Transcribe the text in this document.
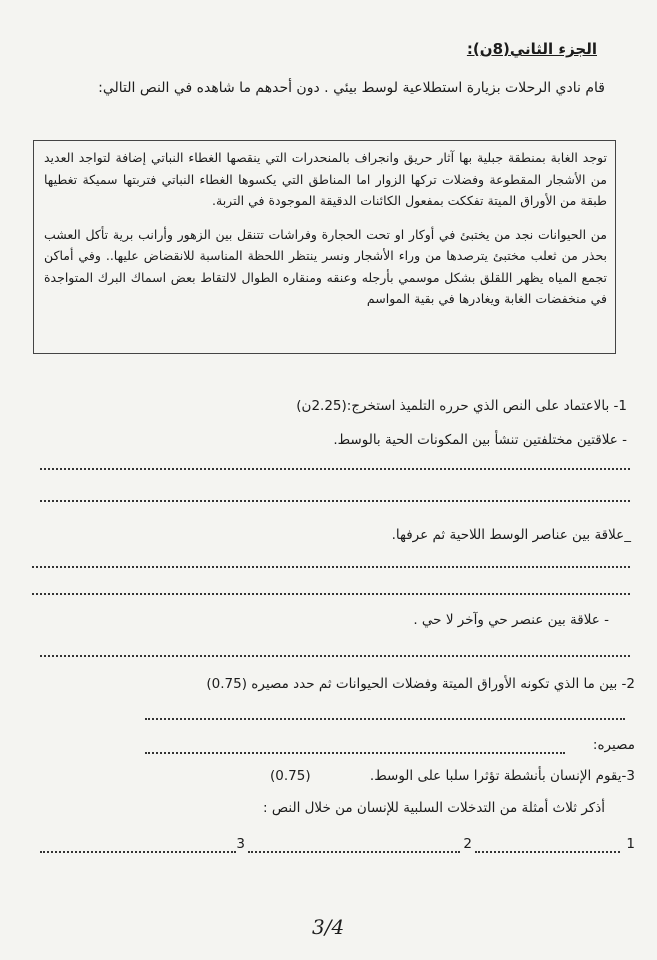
الجزء الثاني(8ن):
قام نادي الرحلات بزيارة استطلاعية لوسط بيئي . دون أحدهم ما شاهده في النص التالي:

توجد الغابة بمنطقة جبلية بها آثار حريق وانجراف بالمنحدرات التي ينقصها الغطاء النباتي إضافة لتواجد العديد من الأشجار المقطوعة وفضلات تركها الزوار اما المناطق التي يكسوها الغطاء النباتي فتربتها سميكة تغطيها طبقة من الأوراق الميتة تفككت بمفعول الكائنات الدقيقة الموجودة في التربة.

من الحيوانات نجد من يختبئ في أوكار او تحت الحجارة وفراشات تتنقل بين الزهور وأرانب برية تأكل العشب بحذر من ثعلب مختبئ يترصدها من وراء الأشجار ونسر ينتظر اللحظة المناسبة للانقضاض عليها.. وفي أماكن تجمع المياه يظهر اللقلق بشكل موسمي بأرجله وعنقه ومنقاره الطوال لالتقاط بعض اسماك البرك المتواجدة في منخفضات الغابة ويغادرها في بقية المواسم

1- بالاعتماد على النص الذي حرره التلميذ استخرج:(2.25ن)
- علاقتين مختلفتين تنشأ بين المكونات الحية بالوسط.
_علاقة بين عناصر الوسط اللاحية ثم عرفها.
- علاقة بين عنصر حي وآخر لا حي .
2- بين ما الذي تكونه الأوراق الميتة وفضلات الحيوانات ثم حدد مصيره (0.75)
مصيره:
3-يقوم الإنسان بأنشطة تؤثرا سلبا على الوسط.
(0.75)
أذكر ثلاث أمثلة من التدخلات السلبية للإنسان من خلال النص :
1
2
3
3/4
